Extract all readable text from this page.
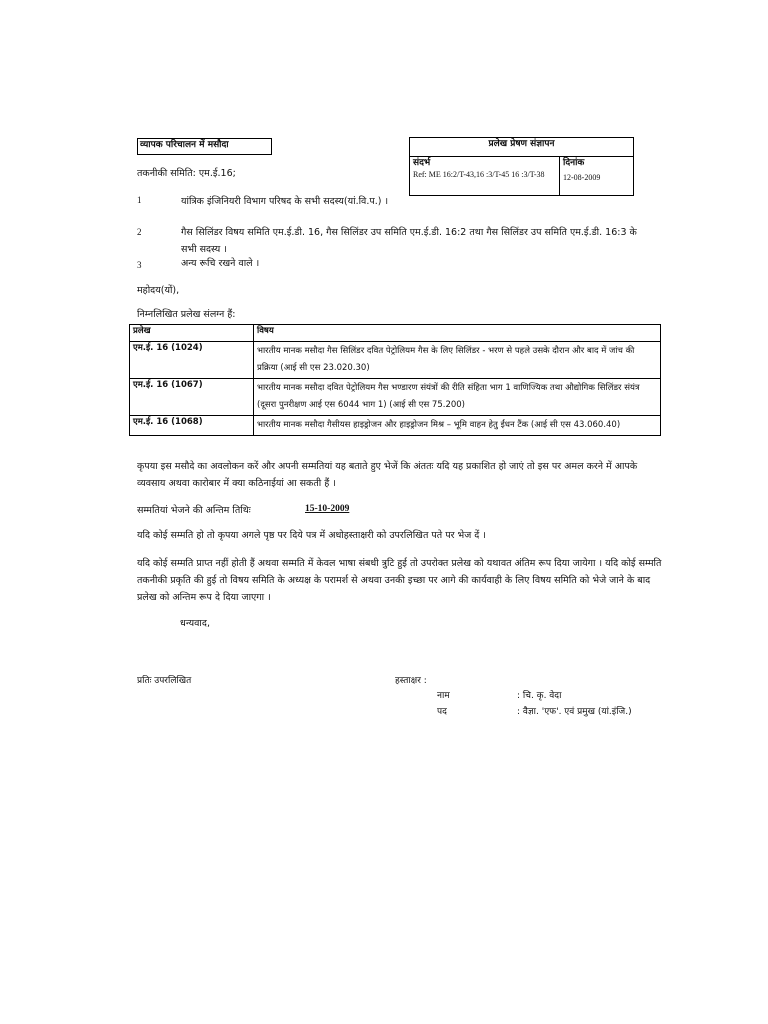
व्यापक परिचालन में मसौदा	प्रलेख प्रेषण संज्ञापन
संदर्भ	दिनांक
Ref: ME 16:2/T-43,16 :3/T-45 16 :3/T-38	12-08-2009
तकनीकी समिति: एम.ई.16;
1	यांत्रिक इंजिनियरी विभाग परिषद के सभी सदस्य(यां.वि.प.) ।
2	गैस सिलिंडर विषय समिति एम.ई.डी. 16, गैस सिलिंडर उप समिति एम.ई.डी. 16:2 तथा गैस सिलिंडर उप समिति एम.ई.डी. 16:3 के सभी सदस्य ।
3	अन्य रूचि रखने वाले ।
महोदय(यों),
निम्नलिखित प्रलेख संलग्न हैं:
प्रलेख	विषय
एम.ई. 16 (1024)	भारतीय मानक मसौदा गैस सिलिंडर दवित पेट्रोलियम गैस के लिए सिलिंडर - भरण से पहले उसके दौरान और बाद में जांच की प्रक्रिया (आई सी एस 23.020.30)
एम.ई. 16 (1067)	भारतीय मानक मसौदा दवित पेट्रोलियम गैस भण्डारण संयंत्रों की रीति संहिता भाग 1 वाणिज्यिक तथा औद्योगिक सिलिंडर संयंत्र (दूसरा पुनरीक्षण आई एस 6044 भाग 1) (आई सी एस 75.200)
एम.ई. 16 (1068)	भारतीय मानक मसौदा गैसीयस हाइड्रोजन और हाइड्रोजन मिश्र – भूमि वाहन हेतु ईंधन टैंक (आई सी एस 43.060.40)
कृपया इस मसौदे का अवलोकन करें और अपनी सम्मतियां यह बताते हुए भेजें कि अंततः यदि यह प्रकाशित हो जाएं तो इस पर अमल करने में आपके व्यवसाय अथवा कारोबार में क्या कठिनाईयां आ सकती हैं ।
सम्मतियां भेजने की अन्तिम तिथिः	15-10-2009
यदि कोई सम्मति हो तो कृपया अगले पृष्ठ पर दिये पत्र में अधोहस्ताक्षरी को उपरलिखित पते पर भेज दें ।
यदि कोई सम्मति प्राप्त नहीं होती हैं अथवा सम्मति में केवल भाषा संबधी त्रुटि हुई तो उपरोक्त प्रलेख को यथावत अंतिम रूप दिया जायेगा । यदि कोई सम्मति तकनीकी प्रकृति की हुई तो विषय समिति के अध्यक्ष के परामर्श से अथवा उनकी इच्छा पर आगे की कार्यवाही के लिए विषय समिति को भेजे जाने के बाद प्रलेख को अन्तिम रूप दे दिया जाएगा ।
धन्यवाद,
प्रतिः उपरलिखित	हस्ताक्षर :
नाम	: चि. कृ. वेदा
पद	: वैज्ञा. 'एफ'. एवं प्रमुख (यां.इंजि.)
